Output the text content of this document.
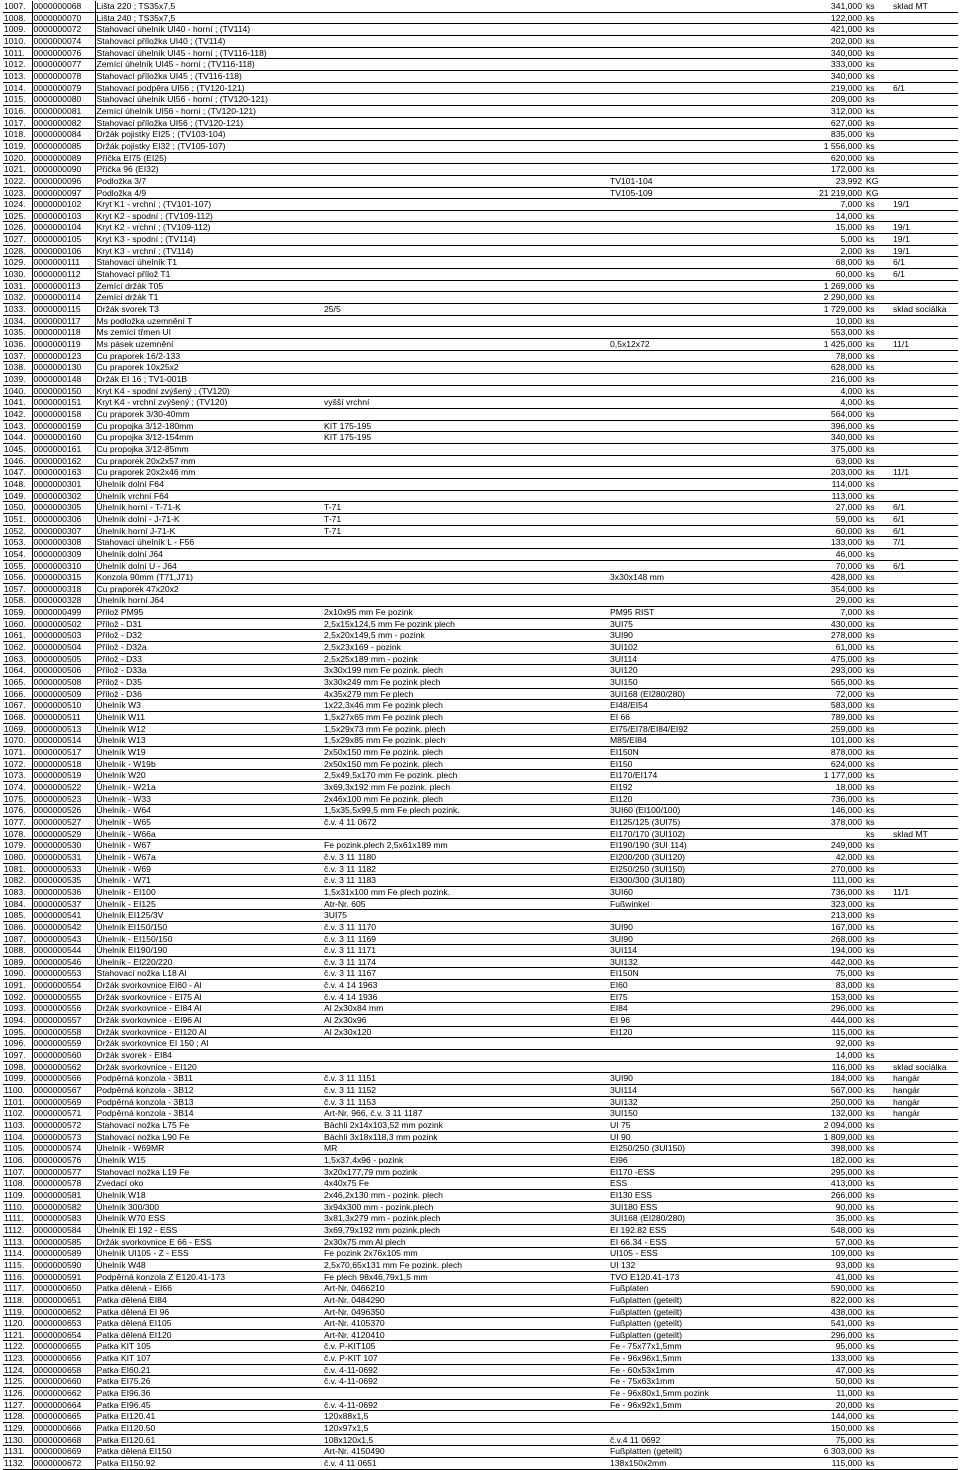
1007.	0000000068	Lišta 220 ; TS35x7,5			341,000	ks	sklad MT
1008.	0000000070	Lišta 240 ; TS35x7,5			122,000	ks	
1009.	0000000072	Stahovací úhelník UI40 - horní ; (TV114)			421,000	ks	
1010.	0000000074	Stahovací příložka UI40 ; (TV114)			202,000	ks	
1011.	0000000076	Stahovací úhelník UI45 - horní ; (TV116-118)			340,000	ks	
1012.	0000000077	Zemící úhelník UI45 - horní ; (TV116-118)			333,000	ks	
1013.	0000000078	Stahovací příložka UI45 ; (TV116-118)			340,000	ks	
1014.	0000000079	Stahovací podpěra UI56 ; (TV120-121)			219,000	ks	6/1
1015.	0000000080	Stahovací úhelník UI56 - horní ; (TV120-121)			209,000	ks	
1016.	0000000081	Zemící úhelník UI56 - horní ; (TV120-121)			312,000	ks	
1017.	0000000082	Stahovací příložka UI56 ; (TV120-121)			627,000	ks	
1018.	0000000084	Držák pojistky EI25 ; (TV103-104)			835,000	ks	
1019.	0000000085	Držák pojistky EI32 ; (TV105-107)			1 556,000	ks	
1020.	0000000089	Příčka EI75 (EI25)			620,000	ks	
1021.	0000000090	Příčka 96 (EI32)			172,000	ks	
1022.	0000000096	Podložka 3/7		TV101-104	23,992	KG	
1023.	0000000097	Podložka 4/9		TV105-109	21 219,000	KG	
1024.	0000000102	Kryt K1 - vrchní ; (TV101-107)			7,000	ks	19/1
1025.	0000000103	Kryt K2 - spodní ; (TV109-112)			14,000	ks	
1026.	0000000104	Kryt K2 - vrchní ; (TV109-112)			15,000	ks	19/1
1027.	0000000105	Kryt K3 - spodní ; (TV114)			5,000	ks	19/1
1028.	0000000106	Kryt K3 - vrchní ; (TV114)			2,000	ks	19/1
1029.	0000000111	Stahovací úhelník T1			68,000	ks	6/1
1030.	0000000112	Stahovací přílož T1			60,000	ks	6/1
1031.	0000000113	Zemící držák T05			1 269,000	ks	
1032.	0000000114	Zemící držák T1			2 290,000	ks	
1033.	0000000115	Držák svorek T3	25/5		1 729,000	ks	sklad sociálka
1034.	0000000117	Ms podložka uzemnění T			10,000	ks	
1035.	0000000118	Ms zemící třmen UI			553,000	ks	
1036.	0000000119	Ms pásek uzemnění		0,5x12x72	1 425,000	ks	11/1
1037.	0000000123	Cu praporek 16/2-133			78,000	ks	
1038.	0000000130	Cu praporek 10x25x2			628,000	ks	
1039.	0000000148	Držák EI 16 ; TV1-001B			216,000	ks	
1040.	0000000150	Kryt K4 - spodní zvýšený ; (TV120)			4,000	ks	
1041.	0000000151	Kryt K4 - vrchní zvýšený ; (TV120)	vyšší vrchní		4,000	ks	
1042.	0000000158	Cu praporek 3/30-40mm			564,000	ks	
1043.	0000000159	Cu propojka 3/12-180mm	KIT 175-195		396,000	ks	
1044.	0000000160	Cu propojka 3/12-154mm	KIT 175-195		340,000	ks	
1045.	0000000161	Cu propojka 3/12-85mm			375,000	ks	
1046.	0000000162	Cu praporek 20x2x57 mm			63,000	ks	
1047.	0000000163	Cu praporek 20x2x46 mm			203,000	ks	11/1
1048.	0000000301	Úhelník dolní F64			114,000	ks	
1049.	0000000302	Úhelník vrchní F64			113,000	ks	
1050.	0000000305	Úhelník horní - T-71-K	T-71		27,000	ks	6/1
1051.	0000000306	Úhelník dolní - J-71-K	T-71		59,000	ks	6/1
1052.	0000000307	Úhelník horní J-71-K	T-71		60,000	ks	6/1
1053.	0000000308	Stahovací úhelník L - F56			133,000	ks	7/1
1054.	0000000309	Úhelník dolní J64			46,000	ks	
1055.	0000000310	Úhelník dolní U - J64			70,000	ks	6/1
1056.	0000000315	Konzola 90mm (T71,J71)		3x30x148 mm	428,000	ks	
1057.	0000000318	Cu praporek 47x20x2			354,000	ks	
1058.	0000000328	Úhelník horní J64			29,000	ks	
1059.	0000000499	Přílož PM95	2x10x95 mm Fe pozink	PM95 RIST	7,000	ks	
1060.	0000000502	Přílož - D31	2,5x15x124,5 mm Fe pozink plech	3UI75	430,000	ks	
1061.	0000000503	Přílož - D32	2,5x20x149,5 mm - pozink	3UI90	278,000	ks	
1062.	0000000504	Přílož - D32a	2,5x23x169 - pozink	3UI102	61,000	ks	
1063.	0000000505	Přílož - D33	2,5x25x189 mm - pozink	3UI114	475,000	ks	
1064.	0000000506	Přílož - D33a	3x30x199 mm Fe pozink. plech	3UI120	293,000	ks	
1065.	0000000508	Přílož - D35	3x30x249 mm Fe pozink plech	3UI150	565,000	ks	
1066.	0000000509	Přílož - D36	4x35x279 mm Fe plech	3UI168 (EI280/280)	72,000	ks	
1067.	0000000510	Úhelník W3	1x22,3x46 mm Fe pozink plech	EI48/EI54	583,000	ks	
1068.	0000000511	Úhelník W11	1,5x27x65 mm Fe pozink plech	EI 66	789,000	ks	
1069.	0000000513	Úhelník W12	1,5x29x73 mm Fe pozink. plech	EI75/EI78/EI84/EI92	259,000	ks	
1070.	0000000514	Úhelník W13	1,5x29x85 mm Fe pozink. plech	M85/EI84	101,000	ks	
1071.	0000000517	Úhelník W19	2x50x150 mm Fe pozink. plech	EI150N	878,000	ks	
1072.	0000000518	Úhelník - W19b	2x50x150 mm Fe pozink. plech	EI150	624,000	ks	
1073.	0000000519	Úhelník W20	2,5x49,5x170 mm Fe pozink. plech	EI170/EI174	1 177,000	ks	
1074.	0000000522	Úhelník - W21a	3x69,3x192 mm Fe pozink. plech	EI192	18,000	ks	
1075.	0000000523	Úhelník - W33	2x46x100 mm Fe pozink. plech	EI120	736,000	ks	
1076.	0000000526	Úhelník - W64	1,5x35,5x99,5 mm Fe plech pozink.	3UI60 (EI100/100)	146,000	ks	
1077.	0000000527	Úhelník - W65	č.v. 4 11 0672	EI125/125 (3UI75)	378,000	ks	
1078.	0000000529	Úhelník - W66a		EI170/170 (3UI102)		ks	sklad MT
1079.	0000000530	Úhelník - W67	Fe pozink.plech 2,5x61x189 mm	EI190/190 (3UI 114)	249,000	ks	
1080.	0000000531	Úhelník - W67a	č.v. 3 11 1180	EI200/200 (3UI120)	42,000	ks	
1081.	0000000533	Úhelník - W69	č.v. 3 11 1182	EI250/250 (3UI150)	270,000	ks	
1082.	0000000535	Úhelník - W71	č.v. 3 11 1183	EI300/300 (3UI180)	111,000	ks	
1083.	0000000536	Úhelník - EI100	1,5x31x100 mm Fe plech pozink.	3UI60	736,000	ks	11/1
1084.	0000000537	Úhelník - EI125	Atr-Nr. 605	Fußwinkel	323,000	ks	
1085.	0000000541	Úhelník EI125/3V	3UI75		213,000	ks	
1086.	0000000542	Úhelník EI150/150	č.v. 3 11 1170	3UI90	167,000	ks	
1087.	0000000543	Úhelník - EI150/150	č.v. 3 11 1169	3UI90	268,000	ks	
1088.	0000000544	Úhelník EI190/190	č.v. 3 11 1171	3UI114	194,000	ks	
1089.	0000000546	Úhelník - EI220/220	č.v. 3 11 1174	3UI132	442,000	ks	
1090.	0000000553	Stahovací nožka L18 Al	č.v. 3 11 1167	EI150N	75,000	ks	
1091.	0000000554	Držák svorkovnice EI60 - Al	č.v. 4 14 1963	EI60	83,000	ks	
1092.	0000000555	Držák svorkovnice - EI75 Al	č.v. 4 14 1936	EI75	153,000	ks	
1093.	0000000556	Držák svorkovnice - EI84 Al	Al 2x30x84 mm	EI84	296,000	ks	
1094.	0000000557	Držák svorkovnice - EI96 Al	Al 2x30x96	EI 96	444,000	ks	
1095.	0000000558	Držák svorkovnice - EI120 Al	Al 2x30x120	EI120	115,000	ks	
1096.	0000000559	Držák svorkovnice EI 150 ; Al			92,000	ks	
1097.	0000000560	Držák svorek - EI84			14,000	ks	
1098.	0000000562	Držák svorkovnice - EI120			116,000	ks	sklad sociálka
1099.	0000000566	Podpěrná konzola - 3B11	č.v. 3 11 1151	3UI90	184,000	ks	hangár
1100.	0000000567	Podpěrná konzola - 3B12	č.v. 3 11 1152	3UI114	567,000	ks	hangár
1101.	0000000569	Podpěrná konzola - 3B13	č.v. 3 11 1153	3UI132	250,000	ks	hangár
1102.	0000000571	Podpěrná konzola - 3B14	Art-Nr. 966, č.v. 3 11 1187	3UI150	132,000	ks	hangár
1103.	0000000572	Stahovací nožka L75 Fe	Bächli 2x14x103,52 mm pozink	UI 75	2 094,000	ks	
1104.	0000000573	Stahovací nožka L90 Fe	Bächli 3x18x118,3 mm pozink	UI 90	1 809,000	ks	
1105.	0000000574	Úhelník - W69MR	MR	EI250/250 (3UI150)	398,000	ks	
1106.	0000000576	Úhelník W15	1,5x37,4x96 - pozink	EI96	182,000	ks	
1107.	0000000577	Stahovací nožka L19 Fe	3x20x177,79 mm pozink	EI170 -ESS	295,000	ks	
1108.	0000000578	Zvedací oko	4x40x75 Fe	ESS	413,000	ks	
1109.	0000000581	Úhelník W18	2x46,2x130 mm - pozink. plech	EI130 ESS	266,000	ks	
1110.	0000000582	Úhelník 300/300	3x94x300 mm - pozink.plech	3UI180 ESS	90,000	ks	
1111.	0000000583	Úhelník W70 ESS	3x81,3x279 mm - pozink.plech	3UI168 (EI280/280)	35,000	ks	
1112.	0000000584	Úhelník El 192 - ESS	3x69,79x192 mm pozink.plech	EI 192.82 ESS	548,000	ks	
1113.	0000000585	Držák svorkovnice E 66 - ESS	2x30x75 mm Al plech	EI 66.34 - ESS	57,000	ks	
1114.	0000000589	Úhelník UI105 - Z - ESS	Fe pozink 2x76x105 mm	UI105 - ESS	109,000	ks	
1115.	0000000590	Úhelník W48	2,5x70,65x131 mm Fe pozink. plech	UI 132	93,000	ks	
1116.	0000000591	Podpěrná konzola Z E120.41-173	Fe plech 98x46,79x1,5 mm	TVO E120.41-173	41,000	ks	
1117.	0000000650	Patka dělená - EI66	Art-Nr. 0466210	Fußplaten	590,000	ks	
1118.	0000000651	Patka dělená EI84	Art-Nr. 0484290	Fußplatten (geteilt)	822,000	ks	
1119.	0000000652	Patka dělená EI 96	Art-Nr. 0496350	Fußplatten (geteilt)	438,000	ks	
1120.	0000000653	Patka dělená EI105	Art-Nr. 4105370	Fußplatten (geteilt)	541,000	ks	
1121.	0000000654	Patka dělená EI120	Art-Nr. 4120410	Fußplatten (geteilt)	296,000	ks	
1122.	0000000655	Patka KIT 105	č.v. P-KIT105	Fe - 75x77x1,5mm	95,000	ks	
1123.	0000000656	Patka KIT 107	č.v. P-KIT 107	Fe - 96x96x1,5mm	133,000	ks	
1124.	0000000658	Patka EI60.21	č.v. 4-11-0692	Fe - 60x53x1mm	47,000	ks	
1125.	0000000660	Patka EI75.26	č.v. 4-11-0692	Fe - 75x63x1mm	50,000	ks	
1126.	0000000662	Patka EI96.36		Fe - 96x80x1,5mm pozink	11,000	ks	
1127.	0000000664	Patka EI96.45	č.v. 4-11-0692	Fe - 96x92x1,5mm	20,000	ks	
1128.	0000000665	Patka EI120.41	120x88x1,5		144,000	ks	
1129.	0000000666	Patka EI120.50	120x97x1,5		150,000	ks	
1130.	0000000668	Patka EI120.61	108x120x1,5	č.v.4 11 0692	75,000	ks	
1131.	0000000669	Patka dělená EI150	Art-Nr. 4150490	Fußplatten (geteilt)	6 303,000	ks	
1132.	0000000672	Patka EI150.92	č.v. 4 11 0651	138x150x2mm	115,000	ks	
